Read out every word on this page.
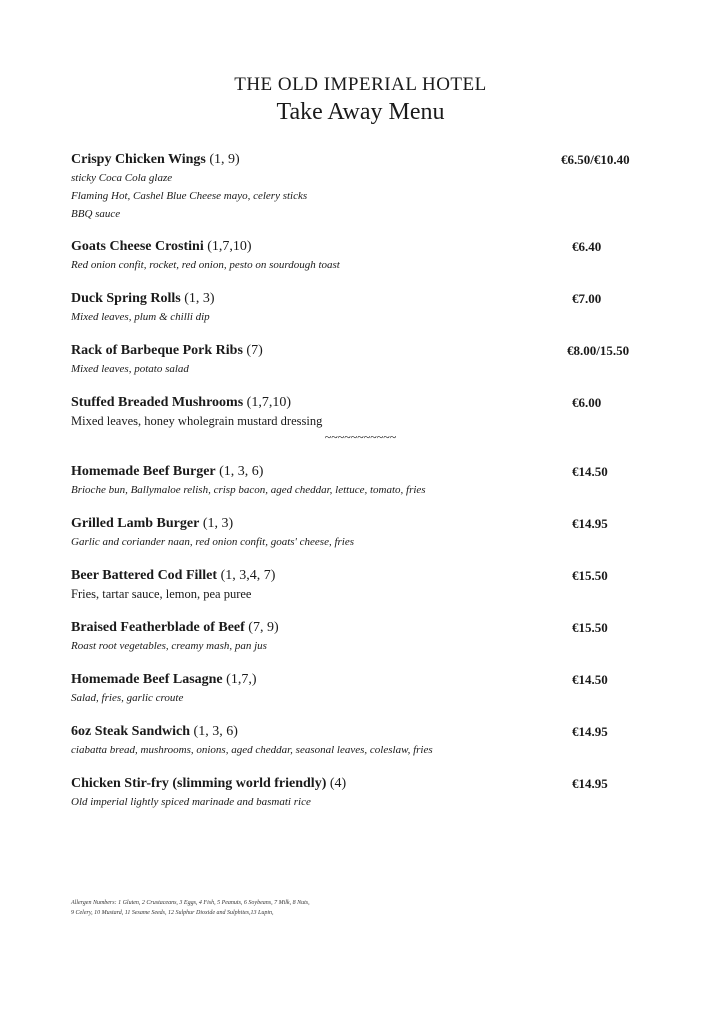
THE OLD IMPERIAL HOTEL
Take Away Menu
Crispy Chicken Wings (1, 9)
sticky Coca Cola glaze
Flaming Hot, Cashel Blue Cheese mayo, celery sticks
BBQ sauce
€6.50/€10.40
Goats Cheese Crostini (1,7,10)
Red onion confit, rocket, red onion, pesto on sourdough toast
€6.40
Duck Spring Rolls (1, 3)
Mixed leaves, plum & chilli dip
€7.00
Rack of Barbeque Pork Ribs (7)
Mixed leaves, potato salad
€8.00/15.50
Stuffed Breaded Mushrooms (1,7,10)
Mixed leaves, honey wholegrain mustard dressing
€6.00
~~~~~~~~~~~
Homemade Beef Burger (1, 3, 6)
Brioche bun, Ballymaloe relish, crisp bacon, aged cheddar, lettuce, tomato, fries
€14.50
Grilled Lamb Burger (1, 3)
Garlic and coriander naan, red onion confit, goats' cheese, fries
€14.95
Beer Battered Cod Fillet (1, 3,4, 7)
Fries, tartar sauce, lemon, pea puree
€15.50
Braised Featherblade of Beef (7, 9)
Roast root vegetables, creamy mash, pan jus
€15.50
Homemade Beef Lasagne (1,7,)
Salad, fries, garlic croute
€14.50
6oz Steak Sandwich (1, 3, 6)
ciabatta bread, mushrooms, onions, aged cheddar, seasonal leaves, coleslaw, fries
€14.95
Chicken Stir-fry (slimming world friendly) (4)
Old imperial lightly spiced marinade and basmati rice
€14.95
Allergen Numbers: 1 Gluten, 2 Crustaceans, 3 Eggs, 4 Fish, 5 Peanuts, 6 Soybeans, 7 Milk, 8 Nuts,
9 Celery, 10 Mustard, 11 Sesame Seeds, 12 Sulphur Dioxide and Sulphites,13 Lupin,
